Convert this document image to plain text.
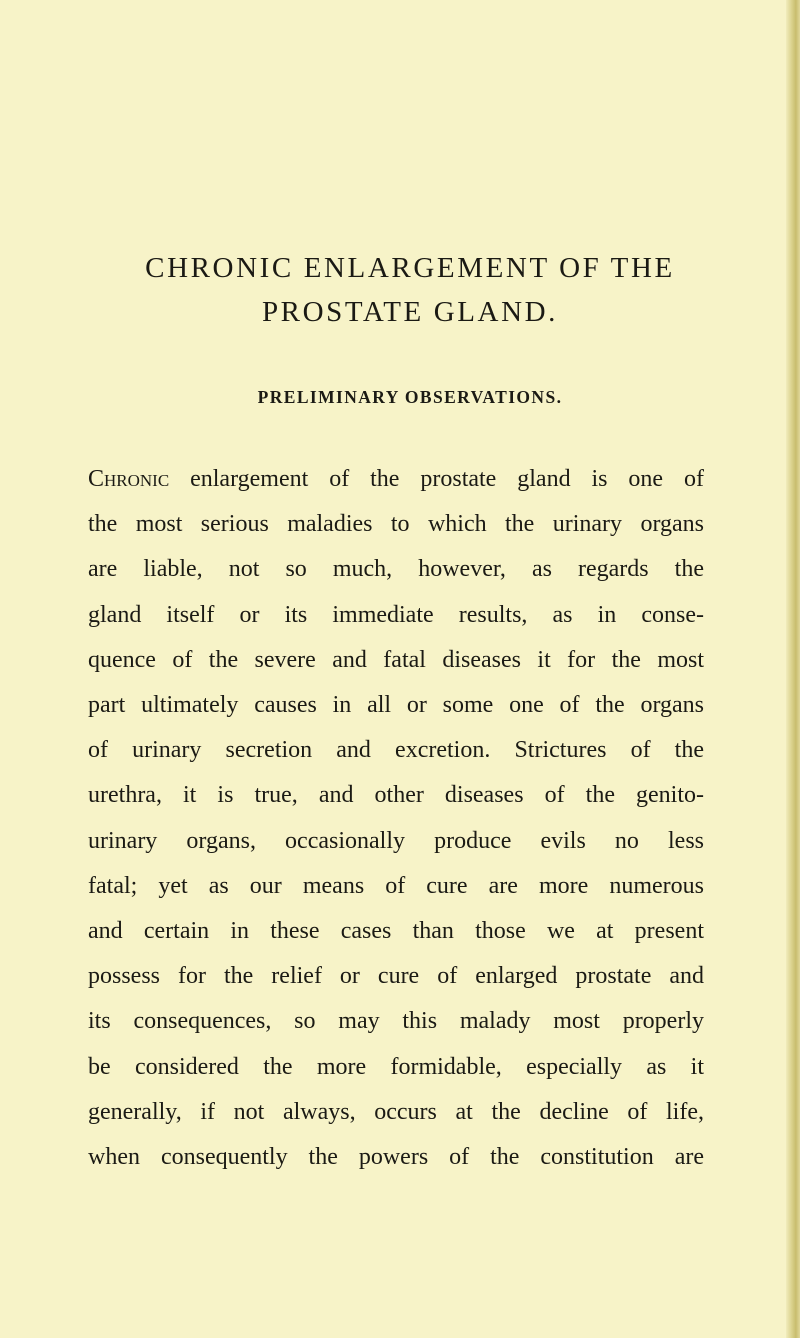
CHRONIC ENLARGEMENT OF THE
PROSTATE GLAND.
PRELIMINARY OBSERVATIONS.
Chronic enlargement of the prostate gland is one of
the most serious maladies to which the urinary organs
are liable, not so much, however, as regards the
gland itself or its immediate results, as in conse-
quence of the severe and fatal diseases it for the most
part ultimately causes in all or some one of the organs
of urinary secretion and excretion. Strictures of the
urethra, it is true, and other diseases of the genito-
urinary organs, occasionally produce evils no less
fatal; yet as our means of cure are more numerous
and certain in these cases than those we at present
possess for the relief or cure of enlarged prostate and
its consequences, so may this malady most properly
be considered the more formidable, especially as it
generally, if not always, occurs at the decline of life,
when consequently the powers of the constitution are
